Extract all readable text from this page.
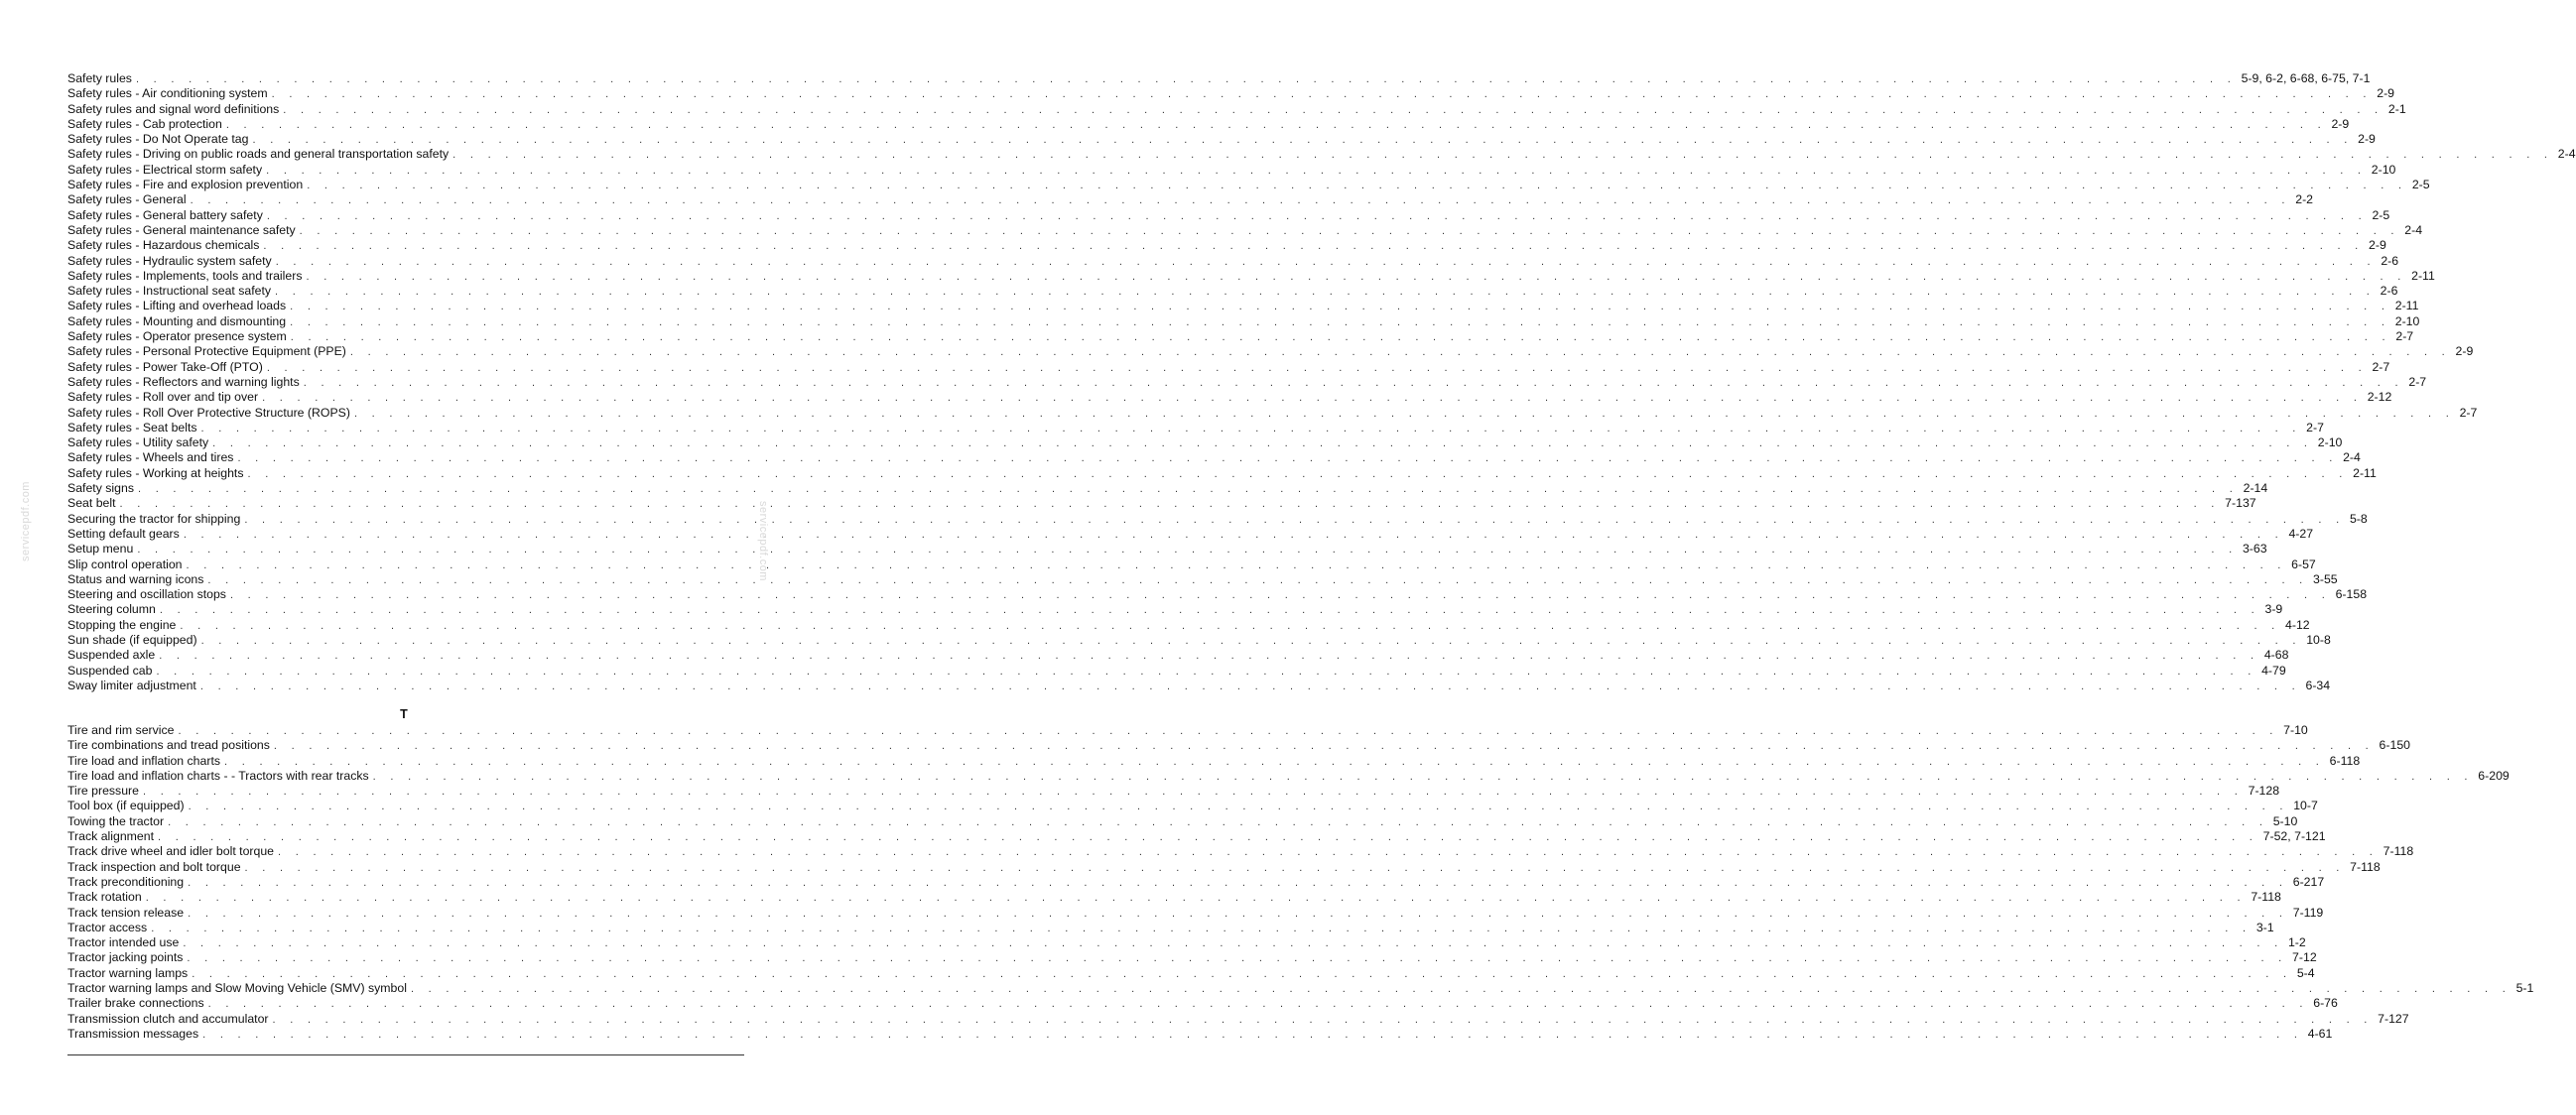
Safety rules . . . . . . . . . . . . . . . . . . . . . . . . . . . . . . . . . . . . . . . . . . . . . . . . . . . . . . . . . . . . . . . . . . . . . . . . . . . . . . . . . . . . . . . . . . . . . . . . . . . . . . . . . . . . . . . . . . . . . . . . 5-9, 6-2, 6-68, 6-75, 7-1
Safety rules - Air conditioning system . . . . . . . . . . . . . . . . . . . . . . . . . . . . . . . . . . . . . . . . . . . . . . . . . . . . . . . . . . . . . . . . . . . . . . . . . . . . . . . . . . . . . . . . . . . . . . . . . . . . . . . . . . . . . . . . . . . . . . . . 2-9
Safety rules and signal word definitions . . . . . . . . . . . . . . . . . . . . . . . . . . . . . . . . . . . . . . . . . . . . . . . . . . . . . . . . . . . . . . . . . . . . . . . . . . . . . . . . . . . . . . . . . . . . . . . . . . . . . . . . . . . . . . . . . . . . . . . . 2-1
Safety rules - Cab protection . . . . . . . . . . . . . . . . . . . . . . . . . . . . . . . . . . . . . . . . . . . . . . . . . . . . . . . . . . . . . . . . . . . . . . . . . . . . . . . . . . . . . . . . . . . . . . . . . . . . . . . . . . . . . . . . . . . . . . . . 2-9
Safety rules - Do Not Operate tag . . . . . . . . . . . . . . . . . . . . . . . . . . . . . . . . . . . . . . . . . . . . . . . . . . . . . . . . . . . . . . . . . . . . . . . . . . . . . . . . . . . . . . . . . . . . . . . . . . . . . . . . . . . . . . . . . . . . . . . . 2-9
Safety rules - Driving on public roads and general transportation safety . . . . . . . . . . . . . . . . . . . . . . . . . . . . . . . . . . . . . . . . . . . . . . . . . . . . . . . . . . . . . . . . . . . . . . . . . . . . . . . . . . . . . . . . . . . . . . . . . . . . . . . . . . . . . . . . . . . . . . . . 2-4
Safety rules - Electrical storm safety . . . . . . . . . . . . . . . . . . . . . . . . . . . . . . . . . . . . . . . . . . . . . . . . . . . . . . . . . . . . . . . . . . . . . . . . . . . . . . . . . . . . . . . . . . . . . . . . . . . . . . . . . . . . . . . . . . . . . . . . 2-10
Safety rules - Fire and explosion prevention . . . . . . . . . . . . . . . . . . . . . . . . . . . . . . . . . . . . . . . . . . . . . . . . . . . . . . . . . . . . . . . . . . . . . . . . . . . . . . . . . . . . . . . . . . . . . . . . . . . . . . . . . . . . . . . . . . . . . . . . 2-5
Safety rules - General . . . . . . . . . . . . . . . . . . . . . . . . . . . . . . . . . . . . . . . . . . . . . . . . . . . . . . . . . . . . . . . . . . . . . . . . . . . . . . . . . . . . . . . . . . . . . . . . . . . . . . . . . . . . . . . . . . . . . . . . 2-2
Safety rules - General battery safety . . . . . . . . . . . . . . . . . . . . . . . . . . . . . . . . . . . . . . . . . . . . . . . . . . . . . . . . . . . . . . . . . . . . . . . . . . . . . . . . . . . . . . . . . . . . . . . . . . . . . . . . . . . . . . . . . . . . . . . . 2-5
Safety rules - General maintenance safety . . . . . . . . . . . . . . . . . . . . . . . . . . . . . . . . . . . . . . . . . . . . . . . . . . . . . . . . . . . . . . . . . . . . . . . . . . . . . . . . . . . . . . . . . . . . . . . . . . . . . . . . . . . . . . . . . . . . . . . . 2-4
Safety rules - Hazardous chemicals . . . . . . . . . . . . . . . . . . . . . . . . . . . . . . . . . . . . . . . . . . . . . . . . . . . . . . . . . . . . . . . . . . . . . . . . . . . . . . . . . . . . . . . . . . . . . . . . . . . . . . . . . . . . . . . . . . . . . . . . 2-9
Safety rules - Hydraulic system safety . . . . . . . . . . . . . . . . . . . . . . . . . . . . . . . . . . . . . . . . . . . . . . . . . . . . . . . . . . . . . . . . . . . . . . . . . . . . . . . . . . . . . . . . . . . . . . . . . . . . . . . . . . . . . . . . . . . . . . . . 2-6
Safety rules - Implements, tools and trailers . . . . . . . . . . . . . . . . . . . . . . . . . . . . . . . . . . . . . . . . . . . . . . . . . . . . . . . . . . . . . . . . . . . . . . . . . . . . . . . . . . . . . . . . . . . . . . . . . . . . . . . . . . . . . . . . . . . . . . . . 2-11
Safety rules - Instructional seat safety . . . . . . . . . . . . . . . . . . . . . . . . . . . . . . . . . . . . . . . . . . . . . . . . . . . . . . . . . . . . . . . . . . . . . . . . . . . . . . . . . . . . . . . . . . . . . . . . . . . . . . . . . . . . . . . . . . . . . . . . 2-6
Safety rules - Lifting and overhead loads . . . . . . . . . . . . . . . . . . . . . . . . . . . . . . . . . . . . . . . . . . . . . . . . . . . . . . . . . . . . . . . . . . . . . . . . . . . . . . . . . . . . . . . . . . . . . . . . . . . . . . . . . . . . . . . . . . . . . . . . 2-11
Safety rules - Mounting and dismounting . . . . . . . . . . . . . . . . . . . . . . . . . . . . . . . . . . . . . . . . . . . . . . . . . . . . . . . . . . . . . . . . . . . . . . . . . . . . . . . . . . . . . . . . . . . . . . . . . . . . . . . . . . . . . . . . . . . . . . . . 2-10
Safety rules - Operator presence system . . . . . . . . . . . . . . . . . . . . . . . . . . . . . . . . . . . . . . . . . . . . . . . . . . . . . . . . . . . . . . . . . . . . . . . . . . . . . . . . . . . . . . . . . . . . . . . . . . . . . . . . . . . . . . . . . . . . . . . . 2-7
Safety rules - Personal Protective Equipment (PPE) . . . . . . . . . . . . . . . . . . . . . . . . . . . . . . . . . . . . . . . . . . . . . . . . . . . . . . . . . . . . . . . . . . . . . . . . . . . . . . . . . . . . . . . . . . . . . . . . . . . . . . . . . . . . . . . . . . . . . . . . 2-9
Safety rules - Power Take-Off (PTO) . . . . . . . . . . . . . . . . . . . . . . . . . . . . . . . . . . . . . . . . . . . . . . . . . . . . . . . . . . . . . . . . . . . . . . . . . . . . . . . . . . . . . . . . . . . . . . . . . . . . . . . . . . . . . . . . . . . . . . . . 2-7
Safety rules - Reflectors and warning lights . . . . . . . . . . . . . . . . . . . . . . . . . . . . . . . . . . . . . . . . . . . . . . . . . . . . . . . . . . . . . . . . . . . . . . . . . . . . . . . . . . . . . . . . . . . . . . . . . . . . . . . . . . . . . . . . . . . . . . . . 2-7
Safety rules - Roll over and tip over . . . . . . . . . . . . . . . . . . . . . . . . . . . . . . . . . . . . . . . . . . . . . . . . . . . . . . . . . . . . . . . . . . . . . . . . . . . . . . . . . . . . . . . . . . . . . . . . . . . . . . . . . . . . . . . . . . . . . . . . 2-12
Safety rules - Roll Over Protective Structure (ROPS) . . . . . . . . . . . . . . . . . . . . . . . . . . . . . . . . . . . . . . . . . . . . . . . . . . . . . . . . . . . . . . . . . . . . . . . . . . . . . . . . . . . . . . . . . . . . . . . . . . . . . . . . . . . . . . . . . . . . . . . . 2-7
Safety rules - Seat belts . . . . . . . . . . . . . . . . . . . . . . . . . . . . . . . . . . . . . . . . . . . . . . . . . . . . . . . . . . . . . . . . . . . . . . . . . . . . . . . . . . . . . . . . . . . . . . . . . . . . . . . . . . . . . . . . . . . . . . . . 2-7
Safety rules - Utility safety . . . . . . . . . . . . . . . . . . . . . . . . . . . . . . . . . . . . . . . . . . . . . . . . . . . . . . . . . . . . . . . . . . . . . . . . . . . . . . . . . . . . . . . . . . . . . . . . . . . . . . . . . . . . . . . . . . . . . . . . 2-10
Safety rules - Wheels and tires . . . . . . . . . . . . . . . . . . . . . . . . . . . . . . . . . . . . . . . . . . . . . . . . . . . . . . . . . . . . . . . . . . . . . . . . . . . . . . . . . . . . . . . . . . . . . . . . . . . . . . . . . . . . . . . . . . . . . . . . 2-4
Safety rules - Working at heights . . . . . . . . . . . . . . . . . . . . . . . . . . . . . . . . . . . . . . . . . . . . . . . . . . . . . . . . . . . . . . . . . . . . . . . . . . . . . . . . . . . . . . . . . . . . . . . . . . . . . . . . . . . . . . . . . . . . . . . . 2-11
Safety signs . . . . . . . . . . . . . . . . . . . . . . . . . . . . . . . . . . . . . . . . . . . . . . . . . . . . . . . . . . . . . . . . . . . . . . . . . . . . . . . . . . . . . . . . . . . . . . . . . . . . . . . . . . . . . . . . . . . . . . . . 2-14
Seat belt . . . . . . . . . . . . . . . . . . . . . . . . . . . . . . . . . . . . . . . . . . . . . . . . . . . . . . . . . . . . . . . . . . . . . . . . . . . . . . . . . . . . . . . . . . . . . . . . . . . . . . . . . . . . . . . . . . . . . . . . 7-137
Securing the tractor for shipping . . . . . . . . . . . . . . . . . . . . . . . . . . . . . . . . . . . . . . . . . . . . . . . . . . . . . . . . . . . . . . . . . . . . . . . . . . . . . . . . . . . . . . . . . . . . . . . . . . . . . . . . . . . . . . . . . . . . . . . . 5-8
Setting default gears . . . . . . . . . . . . . . . . . . . . . . . . . . . . . . . . . . . . . . . . . . . . . . . . . . . . . . . . . . . . . . . . . . . . . . . . . . . . . . . . . . . . . . . . . . . . . . . . . . . . . . . . . . . . . . . . . . . . . . . . 4-27
Setup menu . . . . . . . . . . . . . . . . . . . . . . . . . . . . . . . . . . . . . . . . . . . . . . . . . . . . . . . . . . . . . . . . . . . . . . . . . . . . . . . . . . . . . . . . . . . . . . . . . . . . . . . . . . . . . . . . . . . . . . . . 3-63
Slip control operation . . . . . . . . . . . . . . . . . . . . . . . . . . . . . . . . . . . . . . . . . . . . . . . . . . . . . . . . . . . . . . . . . . . . . . . . . . . . . . . . . . . . . . . . . . . . . . . . . . . . . . . . . . . . . . . . . . . . . . . . 6-57
Status and warning icons . . . . . . . . . . . . . . . . . . . . . . . . . . . . . . . . . . . . . . . . . . . . . . . . . . . . . . . . . . . . . . . . . . . . . . . . . . . . . . . . . . . . . . . . . . . . . . . . . . . . . . . . . . . . . . . . . . . . . . . . 3-55
Steering and oscillation stops . . . . . . . . . . . . . . . . . . . . . . . . . . . . . . . . . . . . . . . . . . . . . . . . . . . . . . . . . . . . . . . . . . . . . . . . . . . . . . . . . . . . . . . . . . . . . . . . . . . . . . . . . . . . . . . . . . . . . . . . 6-158
Steering column . . . . . . . . . . . . . . . . . . . . . . . . . . . . . . . . . . . . . . . . . . . . . . . . . . . . . . . . . . . . . . . . . . . . . . . . . . . . . . . . . . . . . . . . . . . . . . . . . . . . . . . . . . . . . . . . . . . . . . . . 3-9
Stopping the engine . . . . . . . . . . . . . . . . . . . . . . . . . . . . . . . . . . . . . . . . . . . . . . . . . . . . . . . . . . . . . . . . . . . . . . . . . . . . . . . . . . . . . . . . . . . . . . . . . . . . . . . . . . . . . . . . . . . . . . . . 4-12
Sun shade (if equipped) . . . . . . . . . . . . . . . . . . . . . . . . . . . . . . . . . . . . . . . . . . . . . . . . . . . . . . . . . . . . . . . . . . . . . . . . . . . . . . . . . . . . . . . . . . . . . . . . . . . . . . . . . . . . . . . . . . . . . . . . 10-8
Suspended axle . . . . . . . . . . . . . . . . . . . . . . . . . . . . . . . . . . . . . . . . . . . . . . . . . . . . . . . . . . . . . . . . . . . . . . . . . . . . . . . . . . . . . . . . . . . . . . . . . . . . . . . . . . . . . . . . . . . . . . . . 4-68
Suspended cab . . . . . . . . . . . . . . . . . . . . . . . . . . . . . . . . . . . . . . . . . . . . . . . . . . . . . . . . . . . . . . . . . . . . . . . . . . . . . . . . . . . . . . . . . . . . . . . . . . . . . . . . . . . . . . . . . . . . . . . . 4-79
Sway limiter adjustment . . . . . . . . . . . . . . . . . . . . . . . . . . . . . . . . . . . . . . . . . . . . . . . . . . . . . . . . . . . . . . . . . . . . . . . . . . . . . . . . . . . . . . . . . . . . . . . . . . . . . . . . . . . . . . . . . . . . . . . . 6-34
T
Tire and rim service . . . . . . . . . . . . . . . . . . . . . . . . . . . . . . . . . . . . . . . . . . . . . . . . . . . . . . . . . . . . . . . . . . . . . . . . . . . . . . . . . . . . . . . . . . . . . . . . . . . . . . . . . . . . . . . . . . . . . . . . 7-10
Tire combinations and tread positions . . . . . . . . . . . . . . . . . . . . . . . . . . . . . . . . . . . . . . . . . . . . . . . . . . . . . . . . . . . . . . . . . . . . . . . . . . . . . . . . . . . . . . . . . . . . . . . . . . . . . . . . . . . . . . . . . . . . . . . . 6-150
Tire load and inflation charts . . . . . . . . . . . . . . . . . . . . . . . . . . . . . . . . . . . . . . . . . . . . . . . . . . . . . . . . . . . . . . . . . . . . . . . . . . . . . . . . . . . . . . . . . . . . . . . . . . . . . . . . . . . . . . . . . . . . . . . . 6-118
Tire load and inflation charts - - Tractors with rear tracks . . . . . . . . . . . . . . . . . . . . . . . . . . . . . . . . . . . . . . . . . . . . . . . . . . . . . . . . . . . . . . . . . . . . . . . . . . . . . . . . . . . . . . . . . . . . . . . . . . . . . . . . . . . . . . . . . . . . . . . . 6-209
Tire pressure . . . . . . . . . . . . . . . . . . . . . . . . . . . . . . . . . . . . . . . . . . . . . . . . . . . . . . . . . . . . . . . . . . . . . . . . . . . . . . . . . . . . . . . . . . . . . . . . . . . . . . . . . . . . . . . . . . . . . . . . 7-128
Tool box (if equipped) . . . . . . . . . . . . . . . . . . . . . . . . . . . . . . . . . . . . . . . . . . . . . . . . . . . . . . . . . . . . . . . . . . . . . . . . . . . . . . . . . . . . . . . . . . . . . . . . . . . . . . . . . . . . . . . . . . . . . . . . 10-7
Towing the tractor . . . . . . . . . . . . . . . . . . . . . . . . . . . . . . . . . . . . . . . . . . . . . . . . . . . . . . . . . . . . . . . . . . . . . . . . . . . . . . . . . . . . . . . . . . . . . . . . . . . . . . . . . . . . . . . . . . . . . . . . 5-10
Track alignment . . . . . . . . . . . . . . . . . . . . . . . . . . . . . . . . . . . . . . . . . . . . . . . . . . . . . . . . . . . . . . . . . . . . . . . . . . . . . . . . . . . . . . . . . . . . . . . . . . . . . . . . . . . . . . . . . . . . . . . . 7-52, 7-121
Track drive wheel and idler bolt torque . . . . . . . . . . . . . . . . . . . . . . . . . . . . . . . . . . . . . . . . . . . . . . . . . . . . . . . . . . . . . . . . . . . . . . . . . . . . . . . . . . . . . . . . . . . . . . . . . . . . . . . . . . . . . . . . . . . . . . . . 7-118
Track inspection and bolt torque . . . . . . . . . . . . . . . . . . . . . . . . . . . . . . . . . . . . . . . . . . . . . . . . . . . . . . . . . . . . . . . . . . . . . . . . . . . . . . . . . . . . . . . . . . . . . . . . . . . . . . . . . . . . . . . . . . . . . . . . 7-118
Track preconditioning . . . . . . . . . . . . . . . . . . . . . . . . . . . . . . . . . . . . . . . . . . . . . . . . . . . . . . . . . . . . . . . . . . . . . . . . . . . . . . . . . . . . . . . . . . . . . . . . . . . . . . . . . . . . . . . . . . . . . . . . 6-217
Track rotation . . . . . . . . . . . . . . . . . . . . . . . . . . . . . . . . . . . . . . . . . . . . . . . . . . . . . . . . . . . . . . . . . . . . . . . . . . . . . . . . . . . . . . . . . . . . . . . . . . . . . . . . . . . . . . . . . . . . . . . . 7-118
Track tension release . . . . . . . . . . . . . . . . . . . . . . . . . . . . . . . . . . . . . . . . . . . . . . . . . . . . . . . . . . . . . . . . . . . . . . . . . . . . . . . . . . . . . . . . . . . . . . . . . . . . . . . . . . . . . . . . . . . . . . . . 7-119
Tractor access . . . . . . . . . . . . . . . . . . . . . . . . . . . . . . . . . . . . . . . . . . . . . . . . . . . . . . . . . . . . . . . . . . . . . . . . . . . . . . . . . . . . . . . . . . . . . . . . . . . . . . . . . . . . . . . . . . . . . . . . 3-1
Tractor intended use . . . . . . . . . . . . . . . . . . . . . . . . . . . . . . . . . . . . . . . . . . . . . . . . . . . . . . . . . . . . . . . . . . . . . . . . . . . . . . . . . . . . . . . . . . . . . . . . . . . . . . . . . . . . . . . . . . . . . . . . 1-2
Tractor jacking points . . . . . . . . . . . . . . . . . . . . . . . . . . . . . . . . . . . . . . . . . . . . . . . . . . . . . . . . . . . . . . . . . . . . . . . . . . . . . . . . . . . . . . . . . . . . . . . . . . . . . . . . . . . . . . . . . . . . . . . . 7-12
Tractor warning lamps . . . . . . . . . . . . . . . . . . . . . . . . . . . . . . . . . . . . . . . . . . . . . . . . . . . . . . . . . . . . . . . . . . . . . . . . . . . . . . . . . . . . . . . . . . . . . . . . . . . . . . . . . . . . . . . . . . . . . . . . 5-4
Tractor warning lamps and Slow Moving Vehicle (SMV) symbol . . . . . . . . . . . . . . . . . . . . . . . . . . . . . . . . . . . . . . . . . . . . . . . . . . . . . . . . . . . . . . . . . . . . . . . . . . . . . . . . . . . . . . . . . . . . . . . . . . . . . . . . . . . . . . . . . . . . . . . . 5-1
Trailer brake connections . . . . . . . . . . . . . . . . . . . . . . . . . . . . . . . . . . . . . . . . . . . . . . . . . . . . . . . . . . . . . . . . . . . . . . . . . . . . . . . . . . . . . . . . . . . . . . . . . . . . . . . . . . . . . . . . . . . . . . . . 6-76
Transmission clutch and accumulator . . . . . . . . . . . . . . . . . . . . . . . . . . . . . . . . . . . . . . . . . . . . . . . . . . . . . . . . . . . . . . . . . . . . . . . . . . . . . . . . . . . . . . . . . . . . . . . . . . . . . . . . . . . . . . . . . . . . . . . . 7-127
Transmission messages . . . . . . . . . . . . . . . . . . . . . . . . . . . . . . . . . . . . . . . . . . . . . . . . . . . . . . . . . . . . . . . . . . . . . . . . . . . . . . . . . . . . . . . . . . . . . . . . . . . . . . . . . . . . . . . . . . . . . . . . 4-61
servicepdf.com	servicepdf.com
